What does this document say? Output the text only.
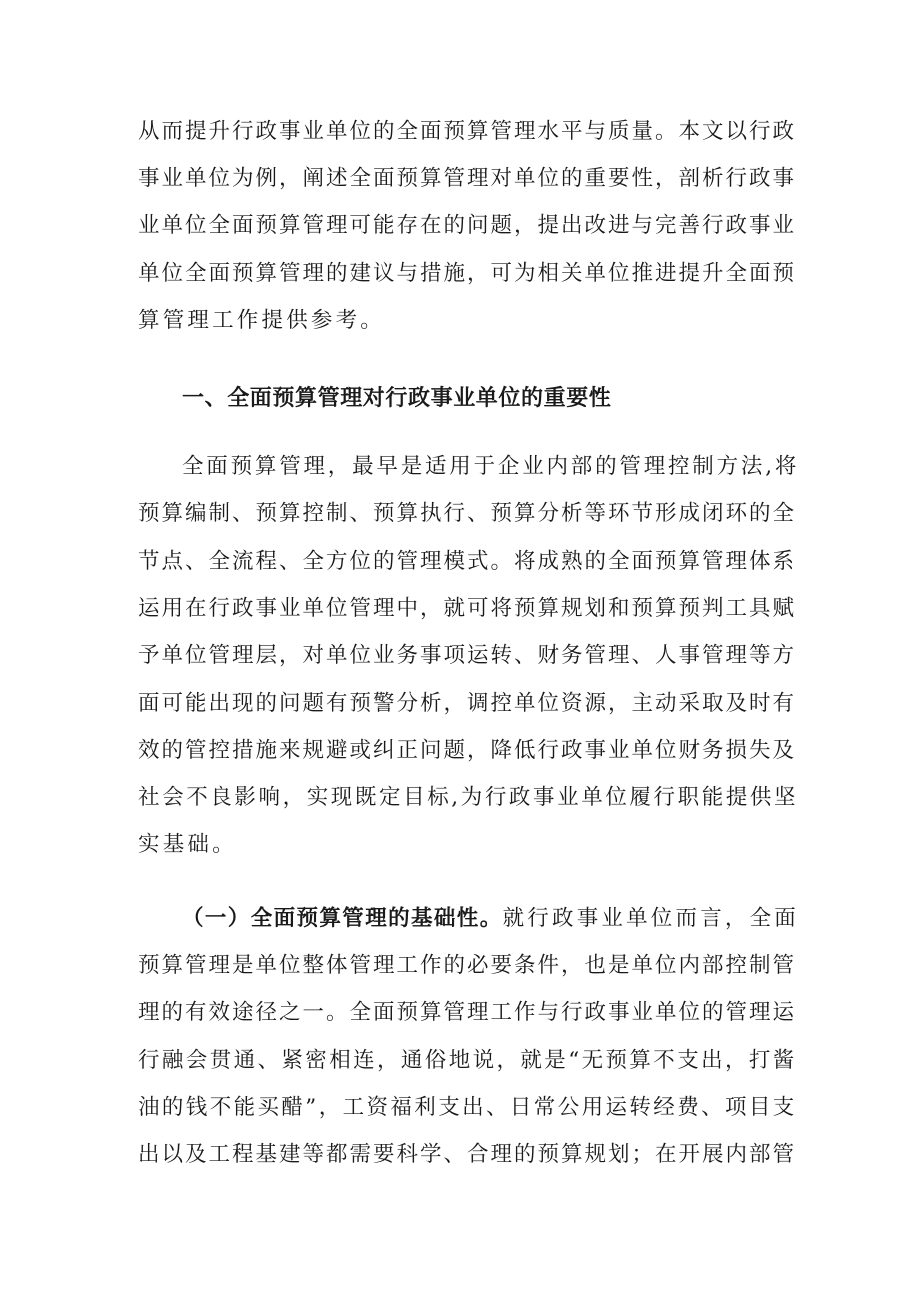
从而提升行政事业单位的全面预算管理水平与质量。本文以行政
事业单位为例，阐述全面预算管理对单位的重要性，剖析行政事
业单位全面预算管理可能存在的问题，提出改进与完善行政事业
单位全面预算管理的建议与措施，可为相关单位推进提升全面预
算管理工作提供参考。
一、全面预算管理对行政事业单位的重要性
全面预算管理，最早是适用于企业内部的管理控制方法,将
预算编制、预算控制、预算执行、预算分析等环节形成闭环的全
节点、全流程、全方位的管理模式。将成熟的全面预算管理体系
运用在行政事业单位管理中，就可将预算规划和预算预判工具赋
予单位管理层，对单位业务事项运转、财务管理、人事管理等方
面可能出现的问题有预警分析，调控单位资源，主动采取及时有
效的管控措施来规避或纠正问题，降低行政事业单位财务损失及
社会不良影响，实现既定目标,为行政事业单位履行职能提供坚
实基础。
（一）全面预算管理的基础性。就行政事业单位而言，全面
预算管理是单位整体管理工作的必要条件，也是单位内部控制管
理的有效途径之一。全面预算管理工作与行政事业单位的管理运
行融会贯通、紧密相连，通俗地说，就是“无预算不支出，打酱
油的钱不能买醋”，工资福利支出、日常公用运转经费、项目支
出以及工程基建等都需要科学、合理的预算规划；在开展内部管
